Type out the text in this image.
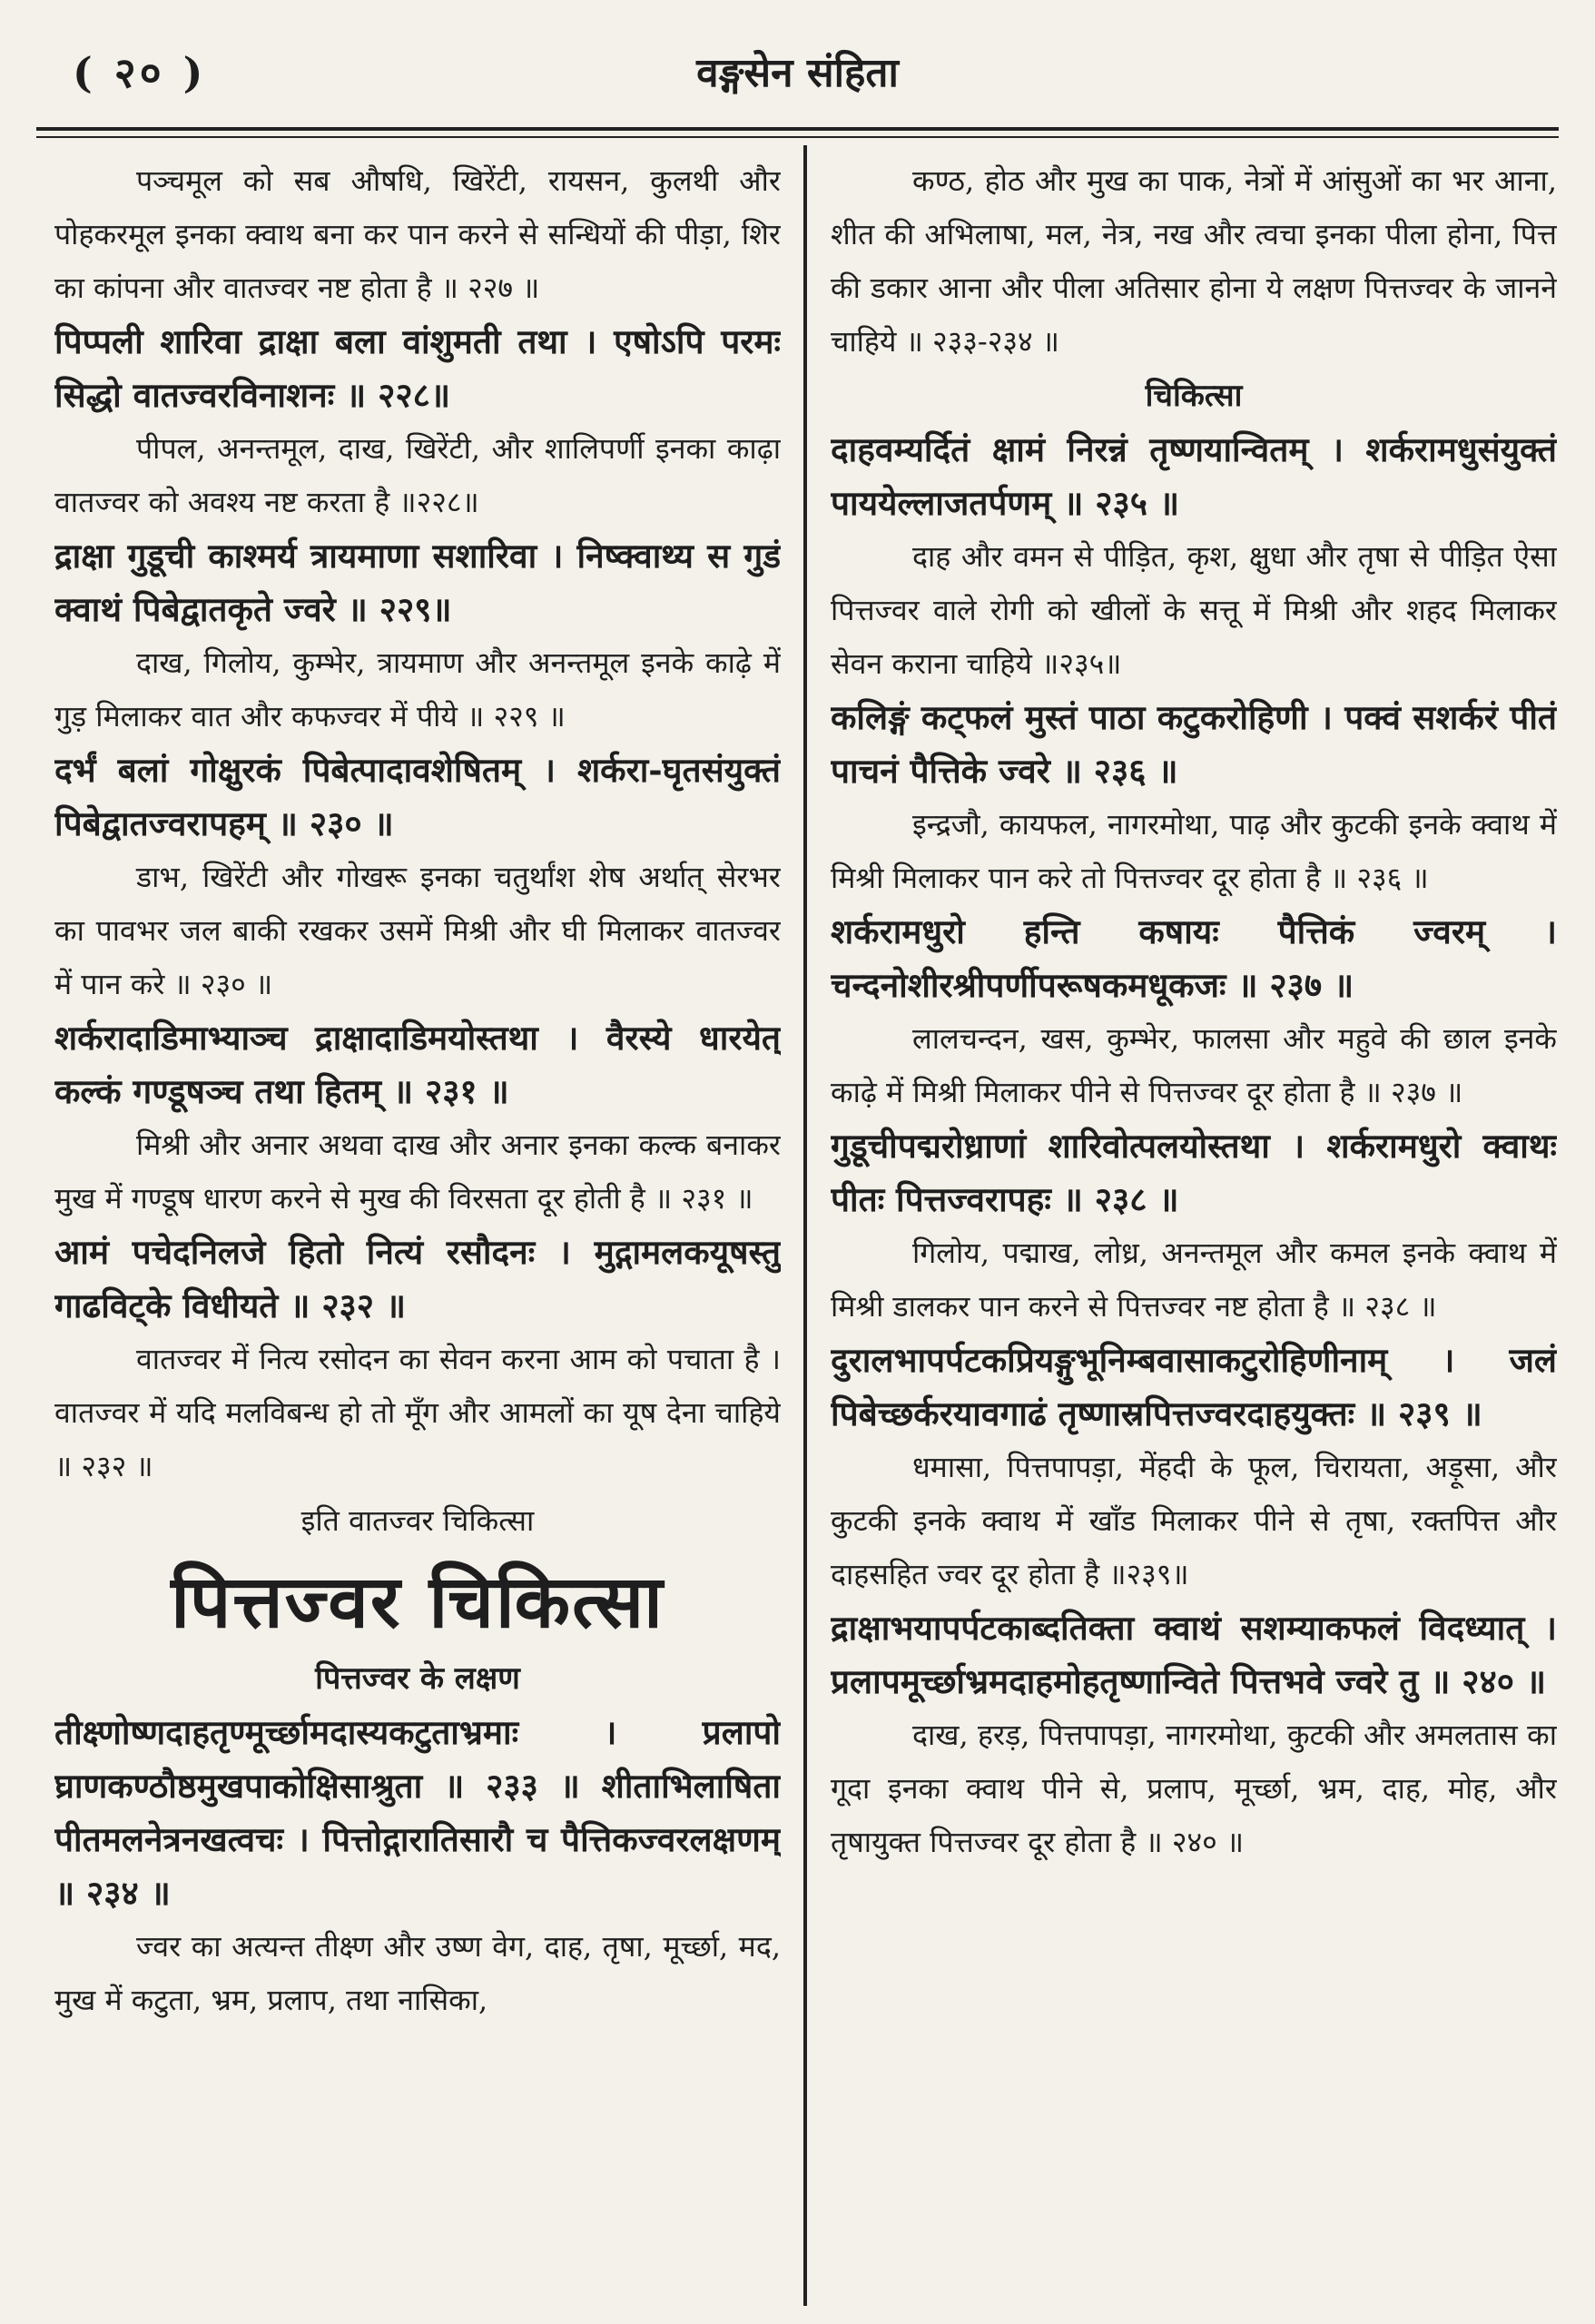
( २० )	वङ्गसेन संहिता

पञ्चमूल को सब औषधि, खिरेंटी, रायसन, कुलथी और पोहकरमूल इनका क्वाथ बना कर पान करने से सन्धियों की पीड़ा, शिर का कांपना और वातज्वर नष्ट होता है ॥ २२७ ॥

पिप्पली शारिवा द्राक्षा बला वांशुमती तथा । एषोऽपि परमः सिद्धो वातज्वरविनाशनः ॥ २२८॥

पीपल, अनन्तमूल, दाख, खिरेंटी, और शालिपर्णी इनका काढ़ा वातज्वर को अवश्य नष्ट करता है ॥२२८॥

द्राक्षा गुडूची काश्मर्य त्रायमाणा सशारिवा । निष्क्वाथ्य स गुडं क्वाथं पिबेद्वातकृते ज्वरे ॥ २२९॥

दाख, गिलोय, कुम्भेर, त्रायमाण और अनन्तमूल इनके काढ़े में गुड़ मिलाकर वात और कफज्वर में पीये ॥ २२९ ॥

दर्भं बलां गोक्षुरकं पिबेत्पादावशेषितम् । शर्करा-घृतसंयुक्तं पिबेद्वातज्वरापहम् ॥ २३० ॥

डाभ, खिरेंटी और गोखरू इनका चतुर्थांश शेष अर्थात् सेरभर का पावभर जल बाकी रखकर उसमें मिश्री और घी मिलाकर वातज्वर में पान करे ॥ २३० ॥

शर्करादाडिमाभ्याञ्च द्राक्षादाडिमयोस्तथा । वैरस्ये धारयेत् कल्कं गण्डूषञ्च तथा हितम् ॥ २३१ ॥

मिश्री और अनार अथवा दाख और अनार इनका कल्क बनाकर मुख में गण्डूष धारण करने से मुख की विरसता दूर होती है ॥ २३१ ॥

आमं पचेदनिलजे हितो नित्यं रसौदनः । मुद्गामलकयूषस्तु गाढविट्के विधीयते ॥ २३२ ॥

वातज्वर में नित्य रसोदन का सेवन करना आम को पचाता है । वातज्वर में यदि मलविबन्ध हो तो मूँग और आमलों का यूष देना चाहिये ॥ २३२ ॥

इति वातज्वर चिकित्सा

पित्तज्वर चिकित्सा

पित्तज्वर के लक्षण

तीक्ष्णोष्णदाहतृण्मूर्च्छामदास्यकटुताभ्रमाः । प्रलापो घ्राणकण्ठौष्ठमुखपाकोक्षिसाश्रुता ॥ २३३ ॥ शीताभिलाषिता पीतमलनेत्रनखत्वचः । पित्तोद्गारातिसारौ च पैत्तिकज्वरलक्षणम् ॥ २३४ ॥

ज्वर का अत्यन्त तीक्ष्ण और उष्ण वेग, दाह, तृषा, मूर्च्छा, मद, मुख में कटुता, भ्रम, प्रलाप, तथा नासिका,

कण्ठ, होठ और मुख का पाक, नेत्रों में आंसुओं का भर आना, शीत की अभिलाषा, मल, नेत्र, नख और त्वचा इनका पीला होना, पित्त की डकार आना और पीला अतिसार होना ये लक्षण पित्तज्वर के जानने चाहिये ॥ २३३-२३४ ॥

चिकित्सा

दाहवम्यर्दितं क्षामं निरन्नं तृष्णयान्वितम् । शर्करामधुसंयुक्तं पाययेल्लाजतर्पणम् ॥ २३५ ॥

दाह और वमन से पीड़ित, कृश, क्षुधा और तृषा से पीड़ित ऐसा पित्तज्वर वाले रोगी को खीलों के सत्तू में मिश्री और शहद मिलाकर सेवन कराना चाहिये ॥२३५॥

कलिङ्गं कट्फलं मुस्तं पाठा कटुकरोहिणी । पक्वं सशर्करं पीतं पाचनं पैत्तिके ज्वरे ॥ २३६ ॥

इन्द्रजौ, कायफल, नागरमोथा, पाढ़ और कुटकी इनके क्वाथ में मिश्री मिलाकर पान करे तो पित्तज्वर दूर होता है ॥ २३६ ॥

शर्करामधुरो हन्ति कषायः पैत्तिकं ज्वरम् । चन्दनोशीरश्रीपर्णीपरूषकमधूकजः ॥ २३७ ॥

लालचन्दन, खस, कुम्भेर, फालसा और महुवे की छाल इनके काढ़े में मिश्री मिलाकर पीने से पित्तज्वर दूर होता है ॥ २३७ ॥

गुडूचीपद्मरोध्राणां शारिवोत्पलयोस्तथा । शर्करामधुरो क्वाथः पीतः पित्तज्वरापहः ॥ २३८ ॥

गिलोय, पद्माख, लोध्र, अनन्तमूल और कमल इनके क्वाथ में मिश्री डालकर पान करने से पित्तज्वर नष्ट होता है ॥ २३८ ॥

दुरालभापर्पटकप्रियङ्गुभूनिम्बवासाकटुरोहिणीनाम् । जलं पिबेच्छर्करयावगाढं तृष्णास्रपित्तज्वरदाहयुक्तः ॥ २३९ ॥

धमासा, पित्तपापड़ा, मेंहदी के फूल, चिरायता, अड़ूसा, और कुटकी इनके क्वाथ में खाँड मिलाकर पीने से तृषा, रक्तपित्त और दाहसहित ज्वर दूर होता है ॥२३९॥

द्राक्षाभयापर्पटकाब्दतिक्ता क्वाथं सशम्याकफलं विदध्यात् । प्रलापमूर्च्छाभ्रमदाहमोहतृष्णान्विते पित्तभवे ज्वरे तु ॥ २४० ॥

दाख, हरड़, पित्तपापड़ा, नागरमोथा, कुटकी और अमलतास का गूदा इनका क्वाथ पीने से, प्रलाप, मूर्च्छा, भ्रम, दाह, मोह, और तृषायुक्त पित्तज्वर दूर होता है ॥ २४० ॥
